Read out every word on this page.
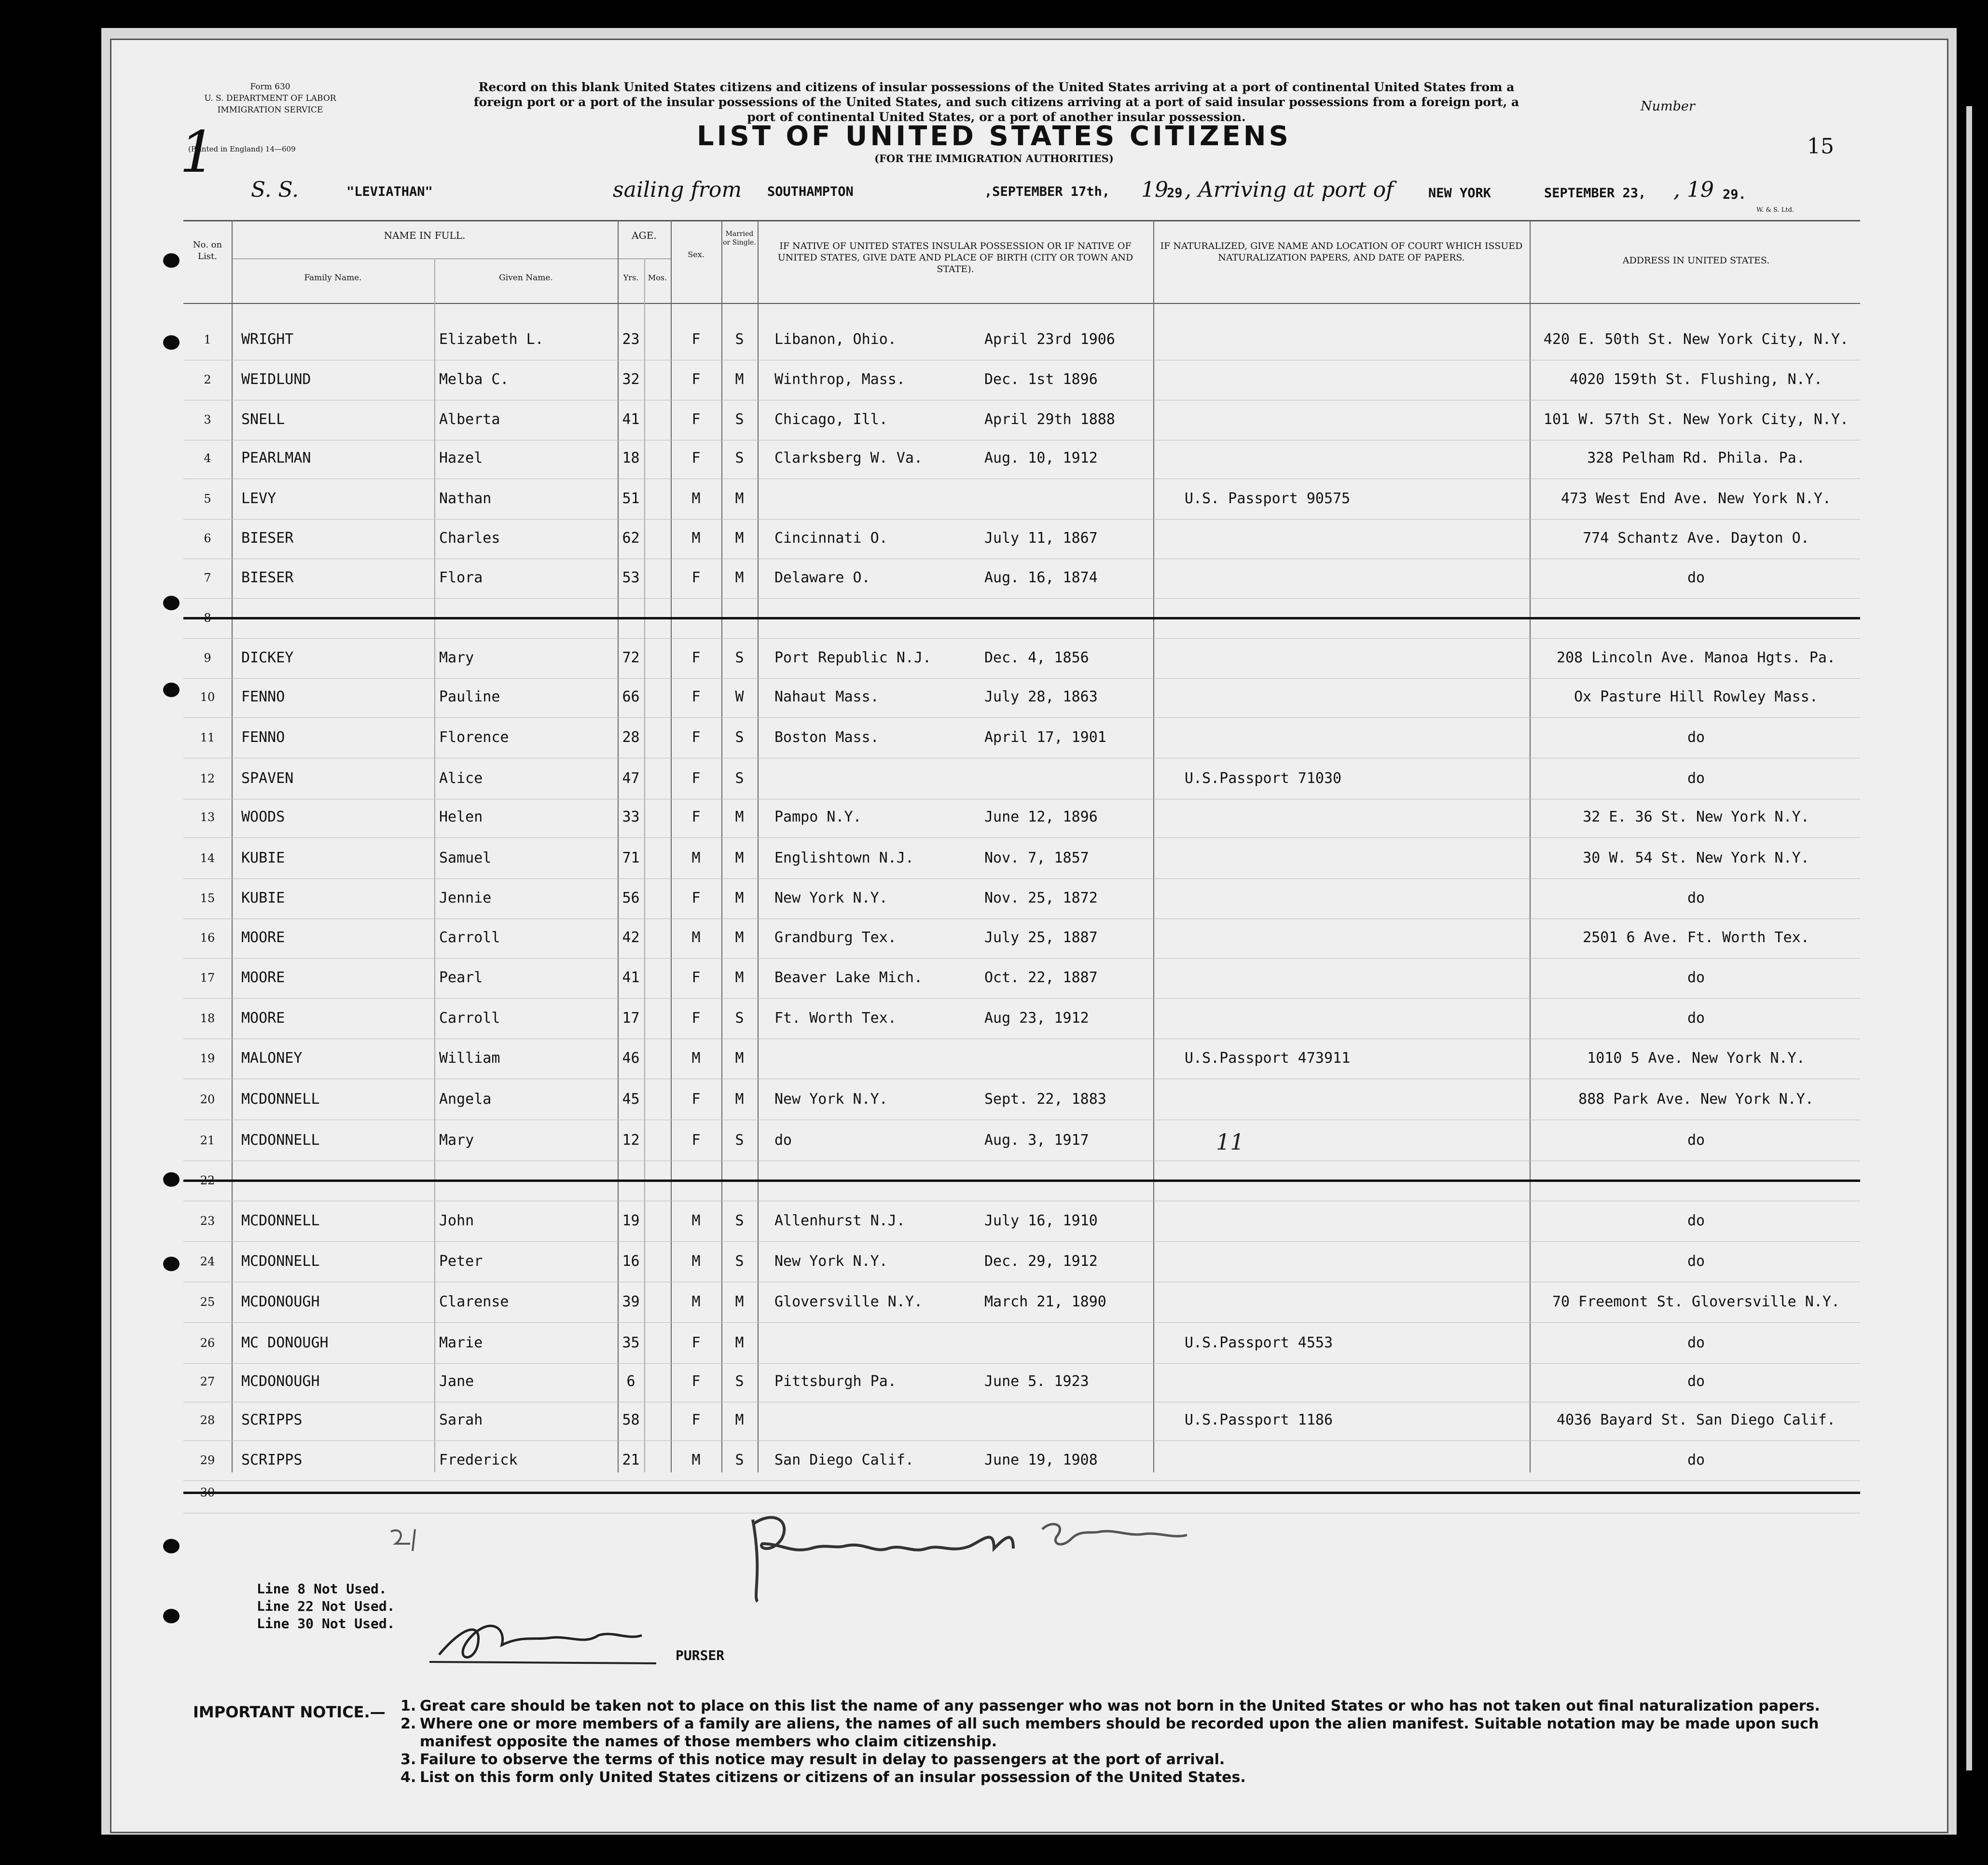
Form 630
U. S. DEPARTMENT OF LABOR
IMMIGRATION SERVICE
1
(Printed in England) 14—609
Record on this blank United States citizens and citizens of insular possessions of the United States arriving at a port of continental United States from a foreign port or a port of the insular possessions of the United States, and such citizens arriving at a port of said insular possessions from a foreign port, a port of continental United States, or a port of another insular possession.
LIST OF UNITED STATES CITIZENS
(FOR THE IMMIGRATION AUTHORITIES)
Number
15
S. S.	"LEVIATHAN"	sailing from SOUTHAMPTON	,SEPTEMBER 17th, 19
29 , Arriving at port of	NEW YORK	SEPTEMBER 23, , 19 29.
W. & S. Ltd.
No. on List.
NAME IN FULL.
Family Name.	Given Name.
AGE.
Yrs.	Mos.
Sex.
Married or Single.	IF NATIVE OF UNITED STATES INSULAR POSSESSION OR IF NATIVE OF UNITED STATES, GIVE DATE AND PLACE OF BIRTH (CITY OR TOWN AND STATE).
IF NATURALIZED, GIVE NAME AND LOCATION OF COURT WHICH ISSUED NATURALIZATION PAPERS, AND DATE OF PAPERS.	ADDRESS IN UNITED STATES.
1	WRIGHT	Elizabeth L.	23	F	S	Libanon, Ohio.	April 23rd 1906	420 E. 50th St. New York City, N.Y.
2	WEIDLUND	Melba C.	32	F	M	Winthrop, Mass.	Dec. 1st 1896	4020 159th St. Flushing, N.Y.
3	SNELL	Alberta	41	F	S	Chicago, Ill.	April 29th 1888	101 W. 57th St. New York City, N.Y.
4	PEARLMAN	Hazel	18	F	S	Clarksberg W. Va.	Aug. 10, 1912	328 Pelham Rd. Phila. Pa.
5	LEVY	Nathan	51	M	M	U.S. Passport 90575	473 West End Ave. New York N.Y.
6	BIESER	Charles	62	M	M	Cincinnati O.	July 11, 1867	774 Schantz Ave. Dayton O.
7	BIESER	Flora	53	F	M	Delaware O.	Aug. 16, 1874	do
8
9	DICKEY	Mary	72	F	S	Port Republic N.J.	Dec. 4, 1856	208 Lincoln Ave. Manoa Hgts. Pa.
10	FENNO	Pauline	66	F	W	Nahaut Mass.	July 28, 1863	Ox Pasture Hill Rowley Mass.
11	FENNO	Florence	28	F	S	Boston Mass.	April 17, 1901	do
12	SPAVEN	Alice	47	F	S	U.S.Passport 71030	do
13	WOODS	Helen	33	F	M	Pampo N.Y.	June 12, 1896	32 E. 36 St. New York N.Y.
14	KUBIE	Samuel	71	M	M	Englishtown N.J.	Nov. 7, 1857	30 W. 54 St. New York N.Y.
15	KUBIE	Jennie	56	F	M	New York N.Y.	Nov. 25, 1872	do
16	MOORE	Carroll	42	M	M	Grandburg Tex.	July 25, 1887	2501 6 Ave. Ft. Worth Tex.
17	MOORE	Pearl	41	F	M	Beaver Lake Mich.	Oct. 22, 1887	do
18	MOORE	Carroll	17	F	S	Ft. Worth Tex.	Aug 23, 1912	do
19	MALONEY	William	46	M	M	U.S.Passport 473911	1010 5 Ave. New York N.Y.
20	MCDONNELL	Angela	45	F	M	New York N.Y.	Sept. 22, 1883	888 Park Ave. New York N.Y.
21	MCDONNELL	Mary	12	F	S	do	Aug. 3, 1917	do
22
23	MCDONNELL	John	19	M	S	Allenhurst N.J.	July 16, 1910	do
24	MCDONNELL	Peter	16	M	S	New York N.Y.	Dec. 29, 1912	do
25	MCDONOUGH	Clarense	39	M	M	Gloversville N.Y.	March 21, 1890	70 Freemont St. Gloversville N.Y.
26	MC DONOUGH	Marie	35	F	M	U.S.Passport 4553	do
27	MCDONOUGH	Jane	6	F	S	Pittsburgh Pa.	June 5. 1923	do
28	SCRIPPS	Sarah	58	F	M	U.S.Passport 1186	4036 Bayard St. San Diego Calif.
29	SCRIPPS	Frederick	21	M	S	San Diego Calif.	June 19, 1908	do
30
Line 8 Not Used.
Line 22 Not Used.
Line 30 Not Used.
PURSER
11
IMPORTANT NOTICE.— 1. Great care should be taken not to place on this list the name of any passenger who was not born in the United States or who has not taken out final naturalization papers.
2. Where one or more members of a family are aliens, the names of all such members should be recorded upon the alien manifest. Suitable notation may be made upon such manifest opposite the names of those members who claim citizenship.
3. Failure to observe the terms of this notice may result in delay to passengers at the port of arrival.
4. List on this form only United States citizens or citizens of an insular possession of the United States.
